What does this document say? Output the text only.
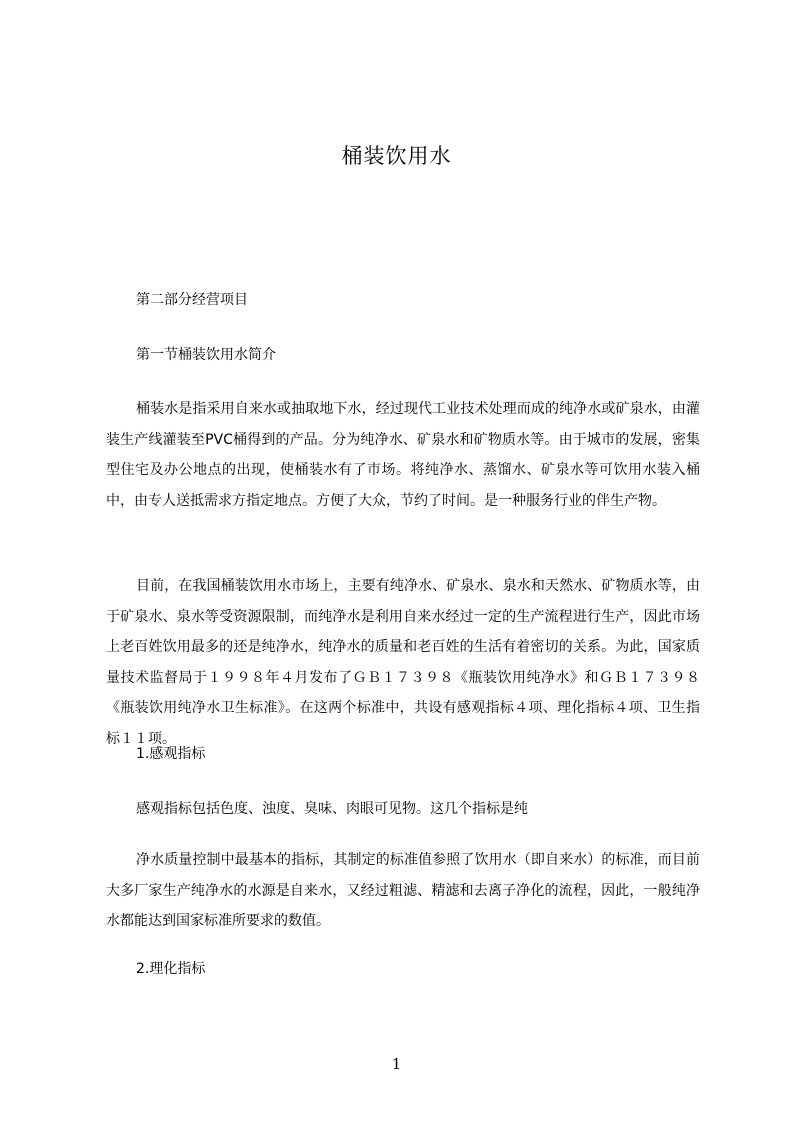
桶装饮用水
第二部分经营项目
第一节桶装饮用水简介
桶装水是指采用自来水或抽取地下水，经过现代工业技术处理而成的纯净水或矿泉水，由灌装生产线灌装至PVC桶得到的产品。分为纯净水、矿泉水和矿物质水等。由于城市的发展，密集型住宅及办公地点的出现，使桶装水有了市场。将纯净水、蒸馏水、矿泉水等可饮用水装入桶中，由专人送抵需求方指定地点。方便了大众，节约了时间。是一种服务行业的伴生产物。
目前，在我国桶装饮用水市场上，主要有纯净水、矿泉水、泉水和天然水、矿物质水等，由于矿泉水、泉水等受资源限制，而纯净水是利用自来水经过一定的生产流程进行生产，因此市场上老百姓饮用最多的还是纯净水，纯净水的质量和老百姓的生活有着密切的关系。为此，国家质量技术监督局于１９９８年４月发布了ＧＢ１７３９８《瓶装饮用纯净水》和ＧＢ１７３９８《瓶装饮用纯净水卫生标准》。在这两个标准中，共设有感观指标４项、理化指标４项、卫生指标１１项。
1.感观指标
感观指标包括色度、浊度、臭味、肉眼可见物。这几个指标是纯
净水质量控制中最基本的指标，其制定的标准值参照了饮用水（即自来水）的标准，而目前大多厂家生产纯净水的水源是自来水，又经过粗滤、精滤和去离子净化的流程，因此，一般纯净水都能达到国家标准所要求的数值。
2.理化指标
1
